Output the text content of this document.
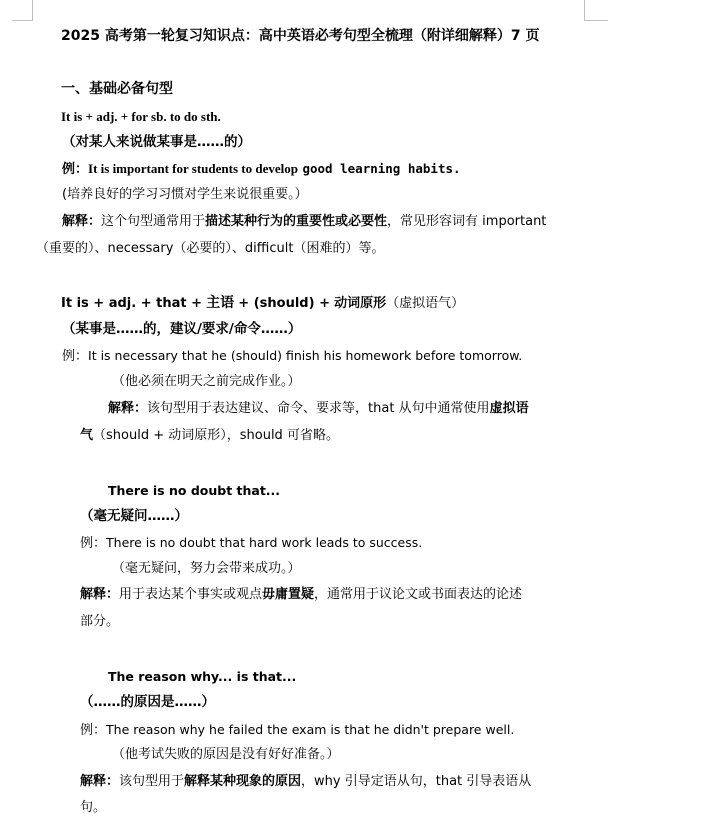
2025 高考第一轮复习知识点：高中英语必考句型全梳理（附详细解释）7 页
一、基础必备句型
It is + adj. + for sb. to do sth.
（对某人来说做某事是……的）
例：It is important for students to develop good learning habits.
(培养良好的学习习惯对学生来说很重要。）
解释：这个句型通常用于描述某种行为的重要性或必要性，常见形容词有 important
（重要的）、necessary（必要的）、difficult（困难的）等。
It is + adj. + that + 主语 + (should) + 动词原形（虚拟语气）
（某事是……的，建议/要求/命令……）
例：It is necessary that he (should) finish his homework before tomorrow.
（他必须在明天之前完成作业。）
解释：该句型用于表达建议、命令、要求等，that 从句中通常使用虚拟语
气（should + 动词原形），should 可省略。
There is no doubt that...
（毫无疑问……）
例：There is no doubt that hard work leads to success.
（毫无疑问，努力会带来成功。）
解释：用于表达某个事实或观点毋庸置疑，通常用于议论文或书面表达的论述
部分。
The reason why... is that...
（……的原因是……）
例：The reason why he failed the exam is that he didn't prepare well.
（他考试失败的原因是没有好好准备。）
解释：该句型用于解释某种现象的原因，why 引导定语从句，that 引导表语从
句。
